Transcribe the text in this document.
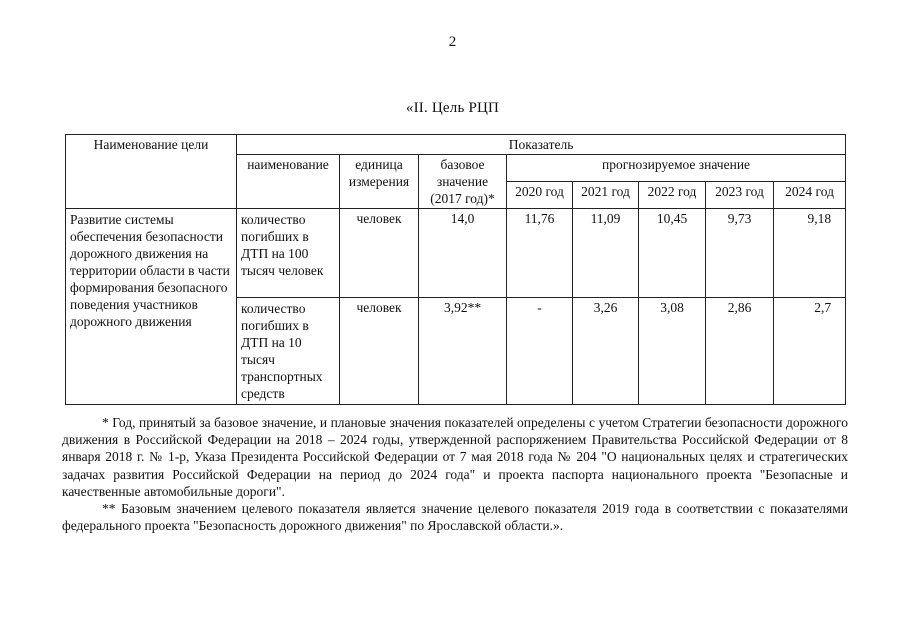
2
«II. Цель РЦП
Наименование цели	Показатель							
	наименование	единица измерения	базовое значение (2017 год)*	прогнозируемое значение				
				2020 год	2021 год	2022 год	2023 год	2024 год
Развитие системы обеспечения безопасности дорожного движения на территории области в части формирования безопасного поведения участников дорожного движения	количество погибших в ДТП на 100 тысяч человек	человек	14,0	11,76	11,09	10,45	9,73	9,18
	количество погибших в ДТП на 10 тысяч транспортных средств	человек	3,92**	-	3,26	3,08	2,86	2,7

* Год, принятый за базовое значение, и плановые значения показателей определены с учетом Стратегии безопасности дорожного движения в Российской Федерации на 2018 – 2024 годы, утвержденной распоряжением Правительства Российской Федерации от 8 января 2018 г. № 1-р, Указа Президента Российской Федерации от 7 мая 2018 года № 204 "О национальных целях и стратегических задачах развития Российской Федерации на период до 2024 года" и проекта паспорта национального проекта "Безопасные и качественные автомобильные дороги".

** Базовым значением целевого показателя является значение целевого показателя 2019 года в соответствии с показателями федерального проекта "Безопасность дорожного движения" по Ярославской области.».
